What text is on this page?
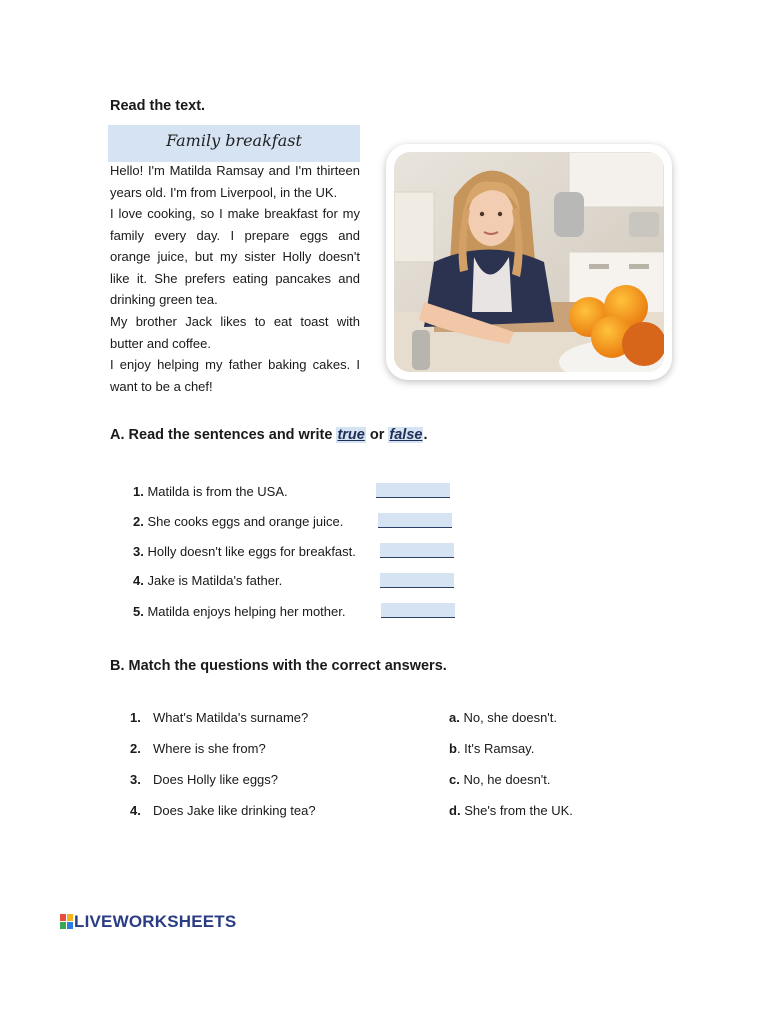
Read the text.
Family breakfast
Hello! I'm Matilda Ramsay and I'm thirteen years old. I'm from Liverpool, in the UK.
I love cooking, so I make breakfast for my family every day. I prepare eggs and orange juice, but my sister Holly doesn't like it. She prefers eating pancakes and drinking green tea.
My brother Jack likes to eat toast with butter and coffee.
I enjoy helping my father baking cakes. I want to be a chef!
A. Read the sentences and write true or false.
1. Matilda is from the USA.
2. She cooks eggs and orange juice.
3. Holly doesn't like eggs for breakfast.
4. Jake is Matilda's father.
5. Matilda enjoys helping her mother.
B. Match the questions with the correct answers.
1. What's Matilda's surname?
2. Where is she from?
3. Does Holly like eggs?
4. Does Jake like drinking tea?
a. No, she doesn't.
b. It's Ramsay.
c. No, he doesn't.
d. She's from the UK.
LIVEWORKSHEETS
